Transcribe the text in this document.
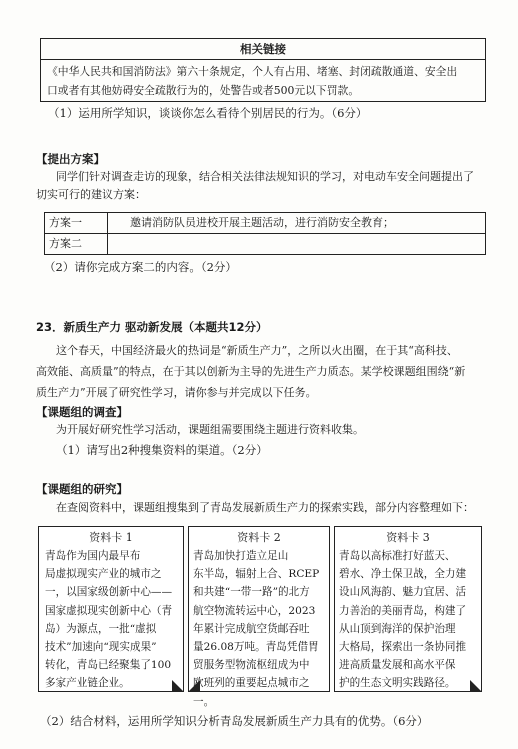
相关链接
《中华人民共和国消防法》第六十条规定，个人有占用、堵塞、封闭疏散通道、安全出
口或者有其他妨碍安全疏散行为的，处警告或者500元以下罚款。
（1）运用所学知识，谈谈你怎么看待个别居民的行为。（6分）
【提出方案】
同学们针对调查走访的现象，结合相关法律法规知识的学习，对电动车安全问题提出了
切实可行的建议方案：
方案一	邀请消防队员进校开展主题活动，进行消防安全教育；
方案二
（2）请你完成方案二的内容。（2分）
23．新质生产力 驱动新发展（本题共12分）
这个春天，中国经济最火的热词是“新质生产力”，之所以火出圈，在于其“高科技、
高效能、高质量”的特点，在于其以创新为主导的先进生产力质态。某学校课题组围绕“新
质生产力”开展了研究性学习，请你参与并完成以下任务。
【课题组的调查】
为开展好研究性学习活动，课题组需要围绕主题进行资料收集。
（1）请写出2种搜集资料的渠道。（2分）
【课题组的研究】
在查阅资料中，课题组搜集到了青岛发展新质生产力的探索实践，部分内容整理如下：
资料卡 1
青岛作为国内最早布
局虚拟现实产业的城市之
一，以国家级创新中心——
国家虚拟现实创新中心（青
岛）为源点，一批“虚拟
技术”加速向“现实成果”
转化，青岛已经聚集了100
多家产业链企业。
资料卡 2
青岛加快打造立足山
东半岛，辐射上合、RCEP
和共建“一带一路”的北方
航空物流转运中心，2023
年累计完成航空货邮吞吐
量26.08万吨。青岛凭借胃
贸服务型物流枢纽成为中
欧班列的重要起点城市之
一。
资料卡 3
青岛以高标准打好蓝天、
碧水、净土保卫战，全力建
设山风海韵、魅力宜居、活
力善治的美丽青岛，构建了
从山顶到海洋的保护治理
大格局，探索出一条协同推
进高质量发展和高水平保
护的生态文明实践路径。
（2）结合材料，运用所学知识分析青岛发展新质生产力具有的优势。（6分）
